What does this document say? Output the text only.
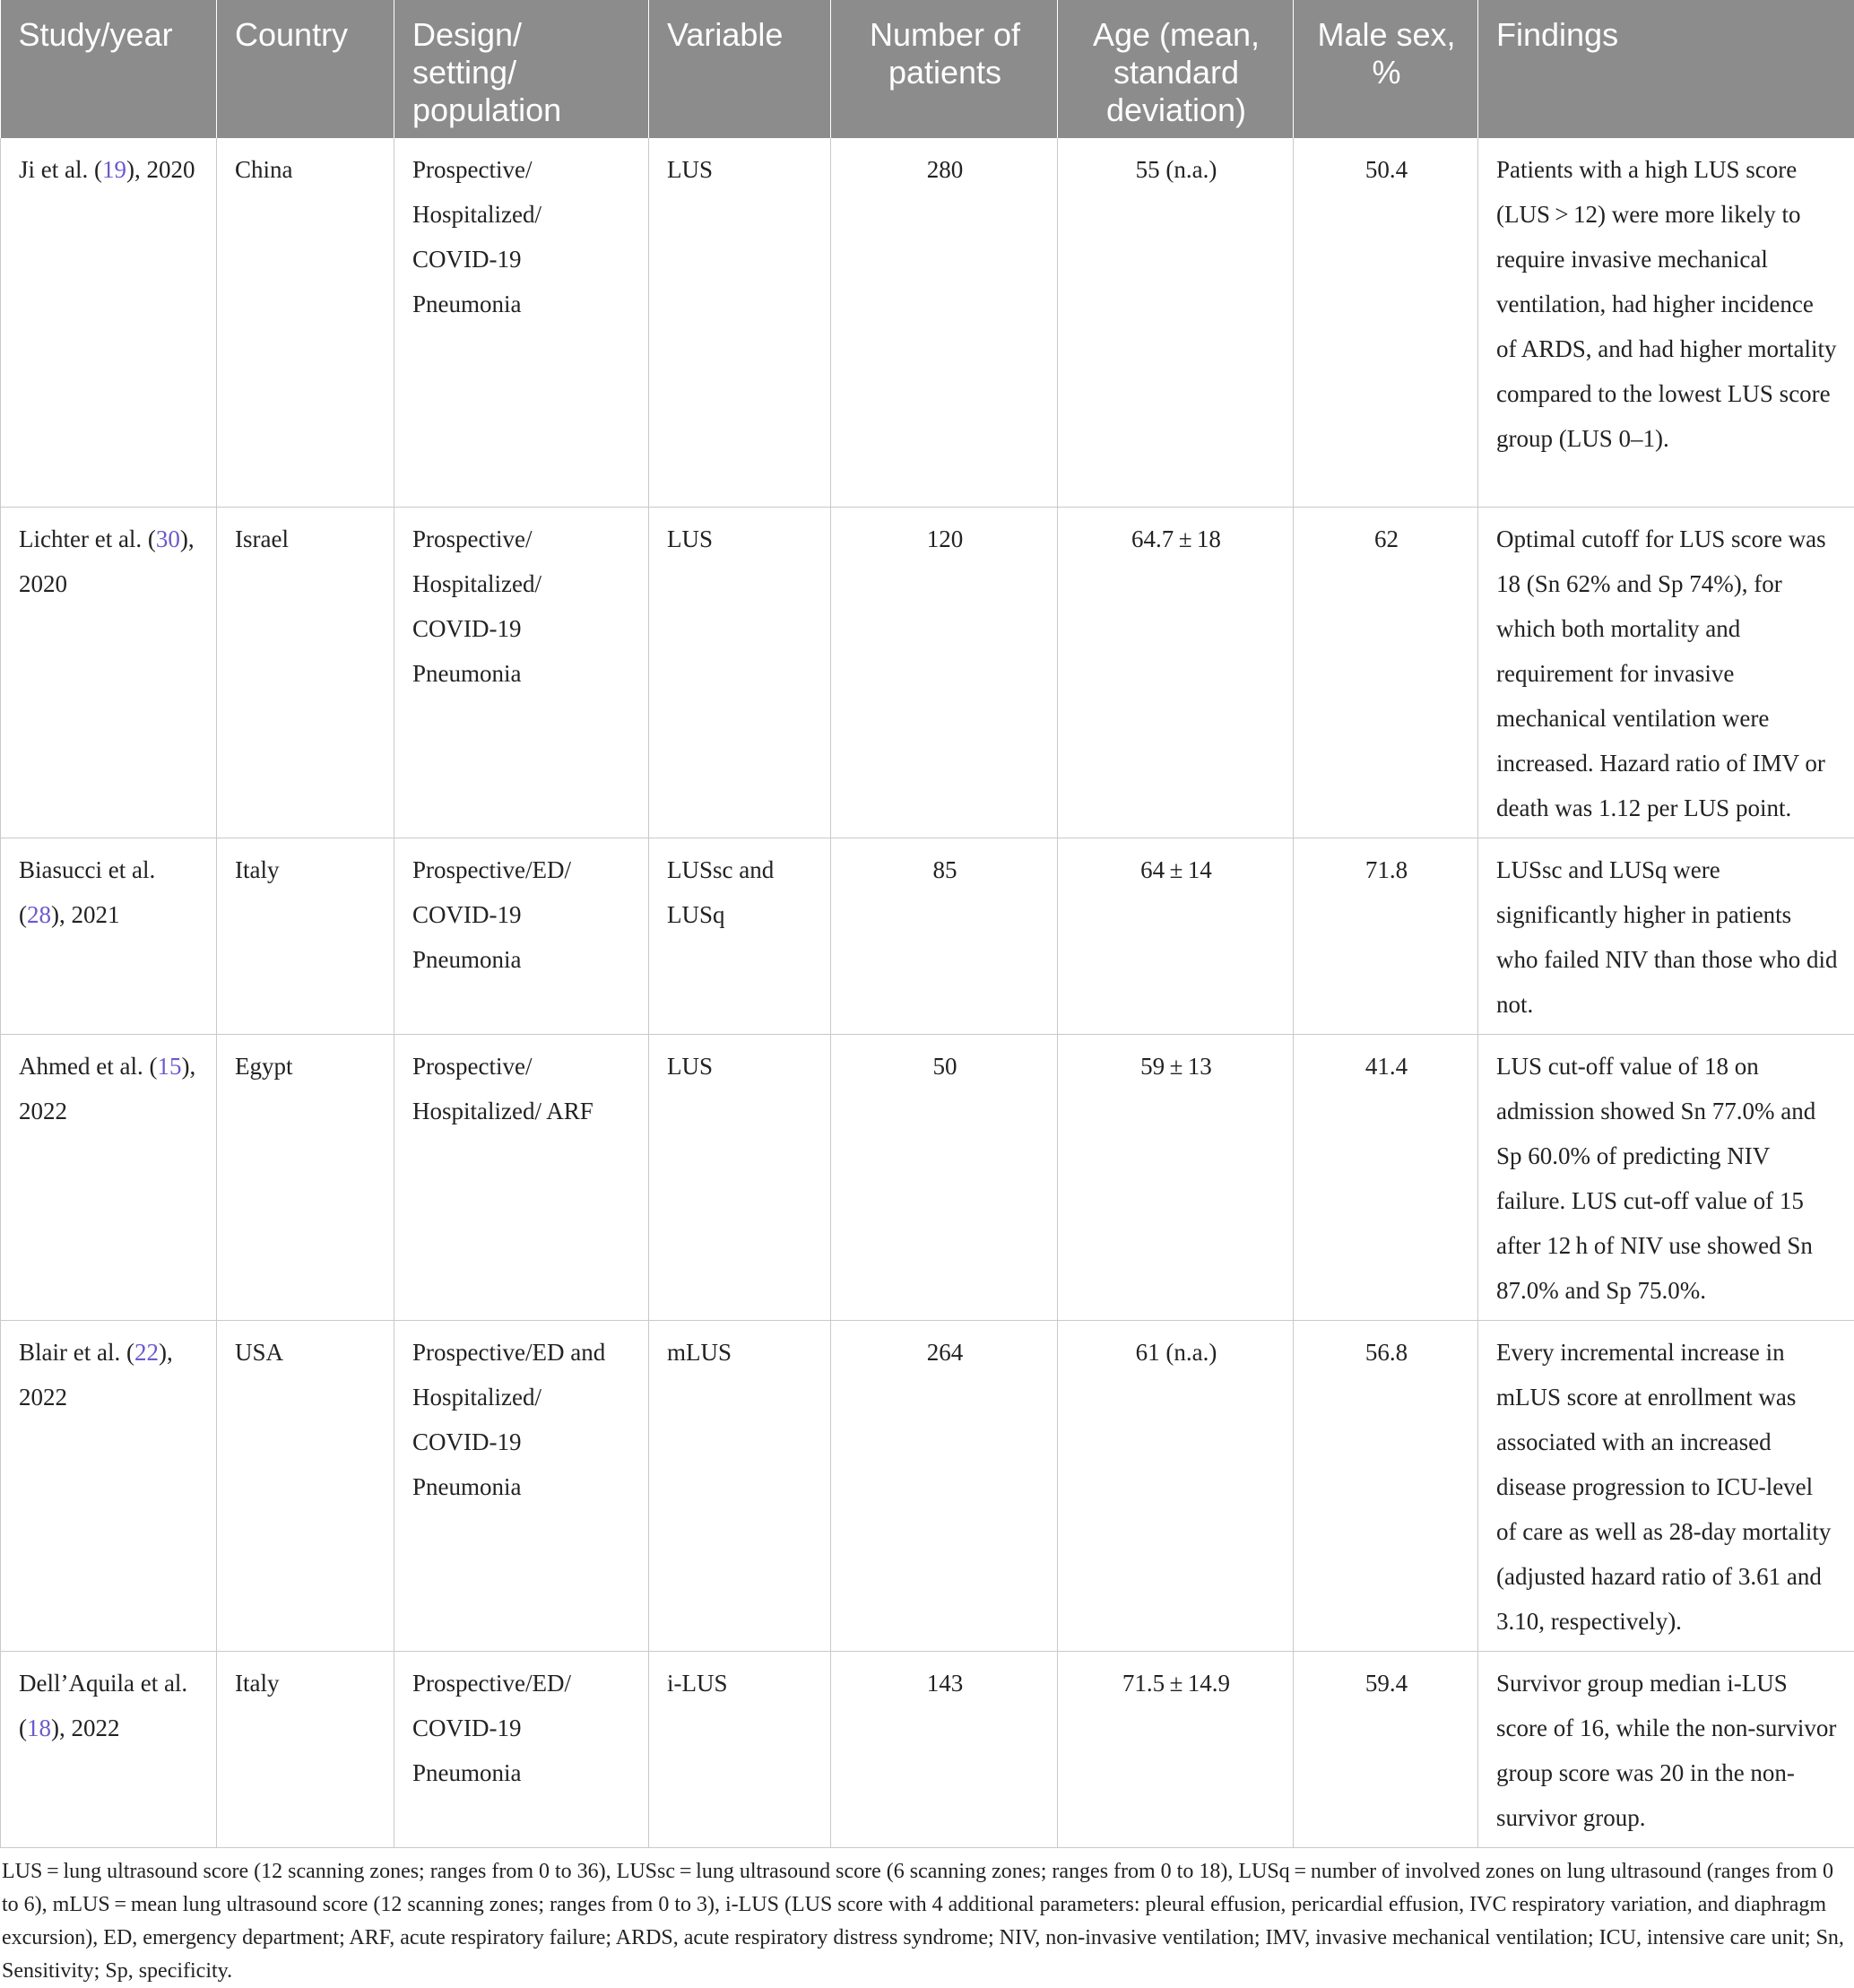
Study/year	Country	Design/ setting/ population	Variable	Number of patients	Age (mean, standard deviation)	Male sex, %	Findings
Ji et al. (19), 2020	China	Prospective/ Hospitalized/ COVID-19 Pneumonia	LUS	280	55 (n.a.)	50.4	Patients with a high LUS score (LUS > 12) were more likely to require invasive mechanical ventilation, had higher incidence of ARDS, and had higher mortality compared to the lowest LUS score group (LUS 0–1).
Lichter et al. (30), 2020	Israel	Prospective/ Hospitalized/ COVID-19 Pneumonia	LUS	120	64.7 ± 18	62	Optimal cutoff for LUS score was 18 (Sn 62% and Sp 74%), for which both mortality and requirement for invasive mechanical ventilation were increased. Hazard ratio of IMV or death was 1.12 per LUS point.
Biasucci et al. (28), 2021	Italy	Prospective/ED/ COVID-19 Pneumonia	LUSsc and LUSq	85	64 ± 14	71.8	LUSsc and LUSq were significantly higher in patients who failed NIV than those who did not.
Ahmed et al. (15), 2022	Egypt	Prospective/ Hospitalized/ ARF	LUS	50	59 ± 13	41.4	LUS cut-off value of 18 on admission showed Sn 77.0% and Sp 60.0% of predicting NIV failure. LUS cut-off value of 15 after 12 h of NIV use showed Sn 87.0% and Sp 75.0%.
Blair et al. (22), 2022	USA	Prospective/ED and Hospitalized/ COVID-19 Pneumonia	mLUS	264	61 (n.a.)	56.8	Every incremental increase in mLUS score at enrollment was associated with an increased disease progression to ICU-level of care as well as 28-day mortality (adjusted hazard ratio of 3.61 and 3.10, respectively).
Dell’Aquila et al. (18), 2022	Italy	Prospective/ED/ COVID-19 Pneumonia	i-LUS	143	71.5 ± 14.9	59.4	Survivor group median i-LUS score of 16, while the non-survivor group score was 20 in the non-survivor group.
LUS = lung ultrasound score (12 scanning zones; ranges from 0 to 36), LUSsc = lung ultrasound score (6 scanning zones; ranges from 0 to 18), LUSq = number of involved zones on lung ultrasound (ranges from 0 to 6), mLUS = mean lung ultrasound score (12 scanning zones; ranges from 0 to 3), i-LUS (LUS score with 4 additional parameters: pleural effusion, pericardial effusion, IVC respiratory variation, and diaphragm excursion), ED, emergency department; ARF, acute respiratory failure; ARDS, acute respiratory distress syndrome; NIV, non-invasive ventilation; IMV, invasive mechanical ventilation; ICU, intensive care unit; Sn, Sensitivity; Sp, specificity.
